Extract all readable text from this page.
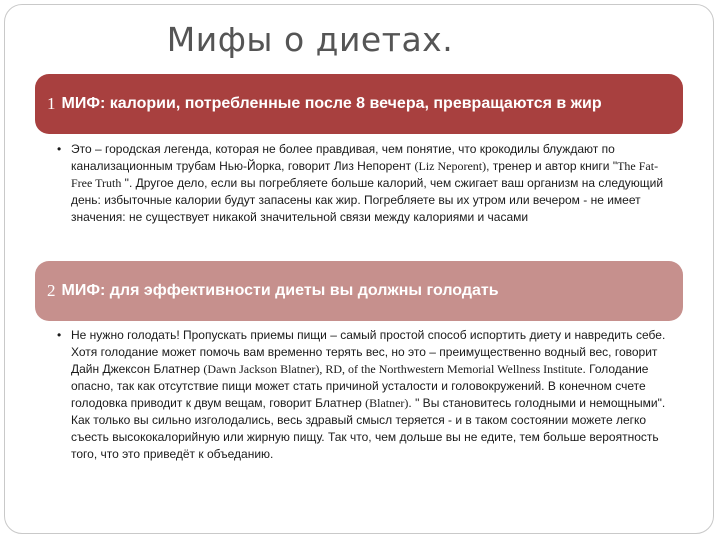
Мифы о диетах.
1 МИФ: калории, потребленные после 8 вечера, превращаются в жир
• Это – городская легенда, которая не более правдивая, чем понятие, что крокодилы блуждают по канализационным трубам Нью-Йорка, говорит Лиз Непорент (Liz Neporent), тренер и автор книги "The Fat-Free Truth ". Другое дело, если вы погребляете больше калорий, чем сжигает ваш организм на следующий день: избыточные калории будут запасены как жир. Погребляете вы их утром или вечером - не имеет значения: не существует никакой значительной связи между калориями и часами
2 МИФ: для эффективности диеты вы должны голодать
• Не нужно голодать! Пропускать приемы пищи – самый простой способ испортить диету и навредить себе. Хотя голодание может помочь вам временно терять вес, но это – преимущественно водный вес, говорит Дайн Джексон Блатнер (Dawn Jackson Blatner), RD, of the Northwestern Memorial Wellness Institute. Голодание опасно, так как отсутствие пищи может стать причиной усталости и головокружений. В конечном счете голодовка приводит к двум вещам, говорит Блатнер (Blatner). " Вы становитесь голодными и немощными". Как только вы сильно изголодались, весь здравый смысл теряется - и в таком состоянии можете легко съесть высококалорийную или жирную пищу. Так что, чем дольше вы не едите, тем больше вероятность того, что это приведёт к объеданию.
